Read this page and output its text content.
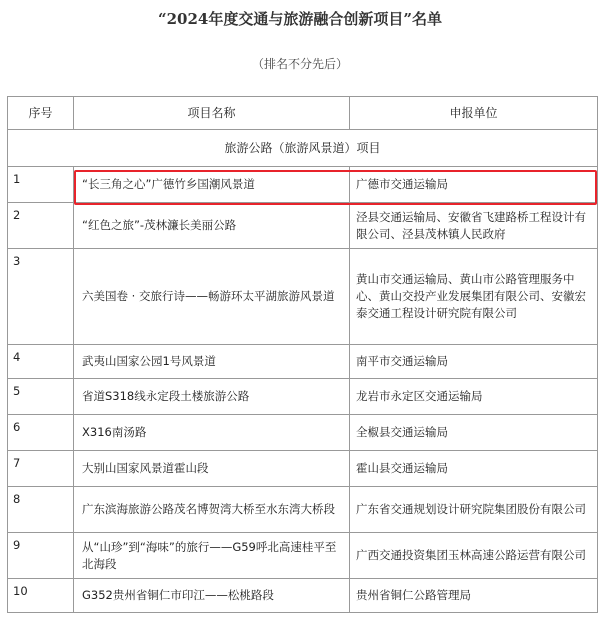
“2024年度交通与旅游融合创新项目”名单
（排名不分先后）
序号	项目名称	申报单位
旅游公路（旅游风景道）项目		
1	“长三角之心”广德竹乡国潮风景道	广德市交通运输局
2	“红色之旅”-茂林濂长美丽公路	泾县交通运输局、安徽省飞建路桥工程设计有限公司、泾县茂林镇人民政府
3	六美国卷 · 交旅行诗——畅游环太平湖旅游风景道	黄山市交通运输局、黄山市公路管理服务中心、黄山交投产业发展集团有限公司、安徽宏泰交通工程设计研究院有限公司
4	武夷山国家公园1号风景道	南平市交通运输局
5	省道S318线永定段土楼旅游公路	龙岩市永定区交通运输局
6	X316南汤路	全椒县交通运输局
7	大别山国家风景道霍山段	霍山县交通运输局
8	广东滨海旅游公路茂名博贺湾大桥至水东湾大桥段	广东省交通规划设计研究院集团股份有限公司
9	从“山珍”到“海味”的旅行——G59呼北高速桂平至北海段	广西交通投资集团玉林高速公路运营有限公司
10	G352贵州省铜仁市印江——松桃路段	贵州省铜仁公路管理局
